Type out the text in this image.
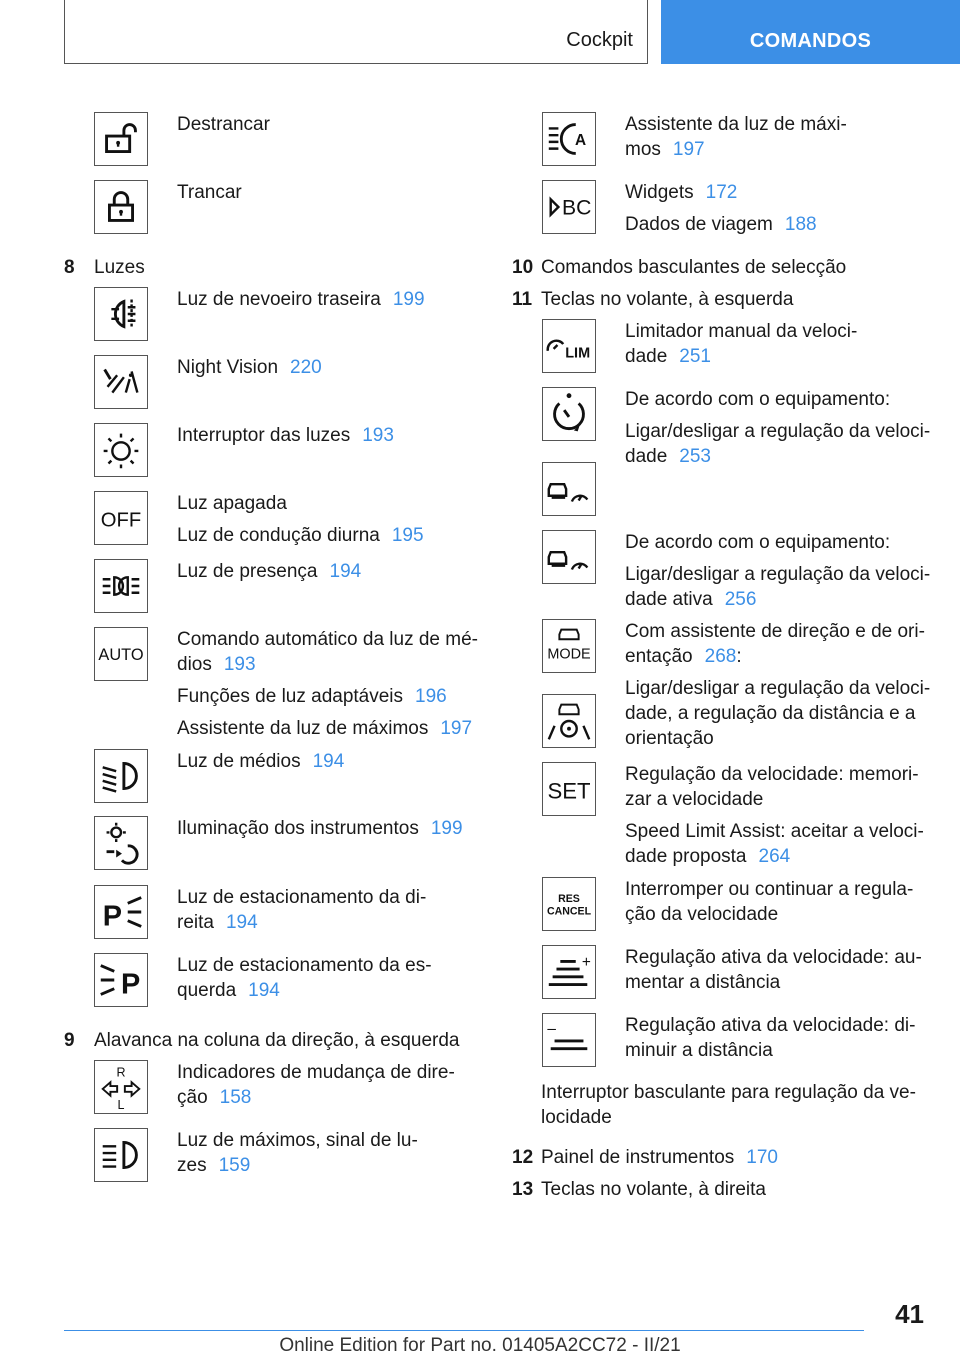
Cockpit	COMANDOS
Destrancar
Trancar
8 Luzes
Luz de nevoeiro traseira 199
Night Vision 220
Interruptor das luzes 193
OFF
Luz apagada
Luz de condução diurna 195
Luz de presença 194
AUTO
Comando automático da luz de mé-
dios 193
Funções de luz adaptáveis 196
Assistente da luz de máximos 197
Luz de médios 194
Iluminação dos instrumentos 199
P
Luz de estacionamento da di-
reita 194
P
Luz de estacionamento da es-
querda 194
9 Alavanca na coluna da direção, à esquerda
R
L
Indicadores de mudança de dire-
ção 158
Luz de máximos, sinal de lu-
zes 159
A
Assistente da luz de máxi-
mos 197
BC
Widgets 172
Dados de viagem 188
10 Comandos basculantes de selecção
11 Teclas no volante, à esquerda
LIM
Limitador manual da veloci-
dade 251
De acordo com o equipamento:
Ligar/desligar a regulação da veloci-
dade 253
De acordo com o equipamento:
Ligar/desligar a regulação da veloci-
dade ativa 256
MODE
Com assistente de direção e de ori-
entação 268:
Ligar/desligar a regulação da veloci-
dade, a regulação da distância e a
orientação
SET
Regulação da velocidade: memori-
zar a velocidade
Speed Limit Assist: aceitar a veloci-
dade proposta 264
RES
CANCEL
Interromper ou continuar a regula-
ção da velocidade
+ Regulação ativa da velocidade: au-
mentar a distância
–	Regulação ativa da velocidade: di-
minuir a distância
Interruptor basculante para regulação da ve-
locidade
12 Painel de instrumentos 170
13 Teclas no volante, à direita
41
Online Edition for Part no. 01405A2CC72 - II/21
